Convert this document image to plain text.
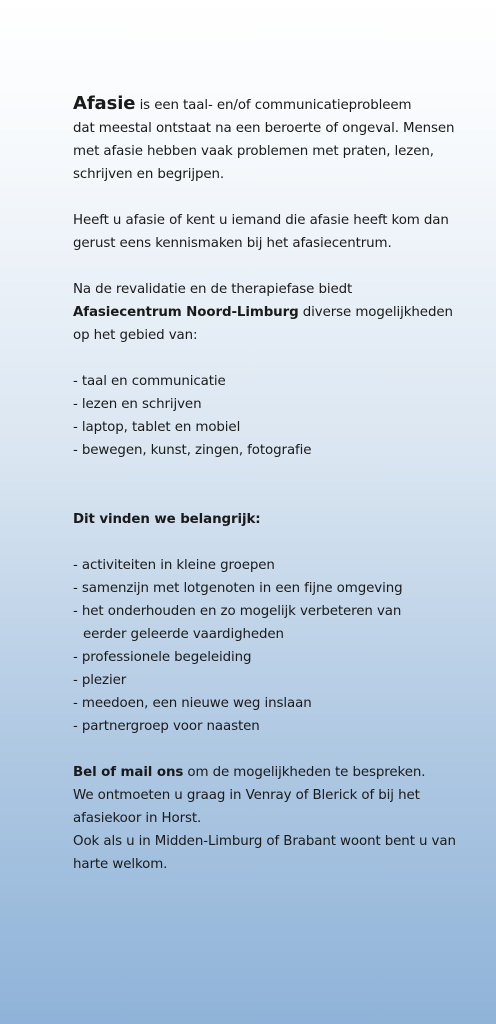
Afasie is een taal- en/of communicatieprobleem
dat meestal ontstaat na een beroerte of ongeval. Mensen met afasie hebben vaak problemen met praten, lezen, schrijven en begrijpen.

Heeft u afasie of kent u iemand die afasie heeft kom dan gerust eens kennismaken bij het afasiecentrum.

Na de revalidatie en de therapiefase biedt
Afasiecentrum Noord-Limburg diverse mogelijkheden op het gebied van:

- taal en communicatie
- lezen en schrijven
- laptop, tablet en mobiel
- bewegen, kunst, zingen, fotografie

Dit vinden we belangrijk:

- activiteiten in kleine groepen
- samenzijn met lotgenoten in een fijne omgeving
- het onderhouden en zo mogelijk verbeteren van
eerder geleerde vaardigheden
- professionele begeleiding
- plezier
- meedoen, een nieuwe weg inslaan
- partnergroep voor naasten

Bel of mail ons om de mogelijkheden te bespreken.
We ontmoeten u graag in Venray of Blerick of bij het afasiekoor in Horst.
Ook als u in Midden-Limburg of Brabant woont bent u van harte welkom.
